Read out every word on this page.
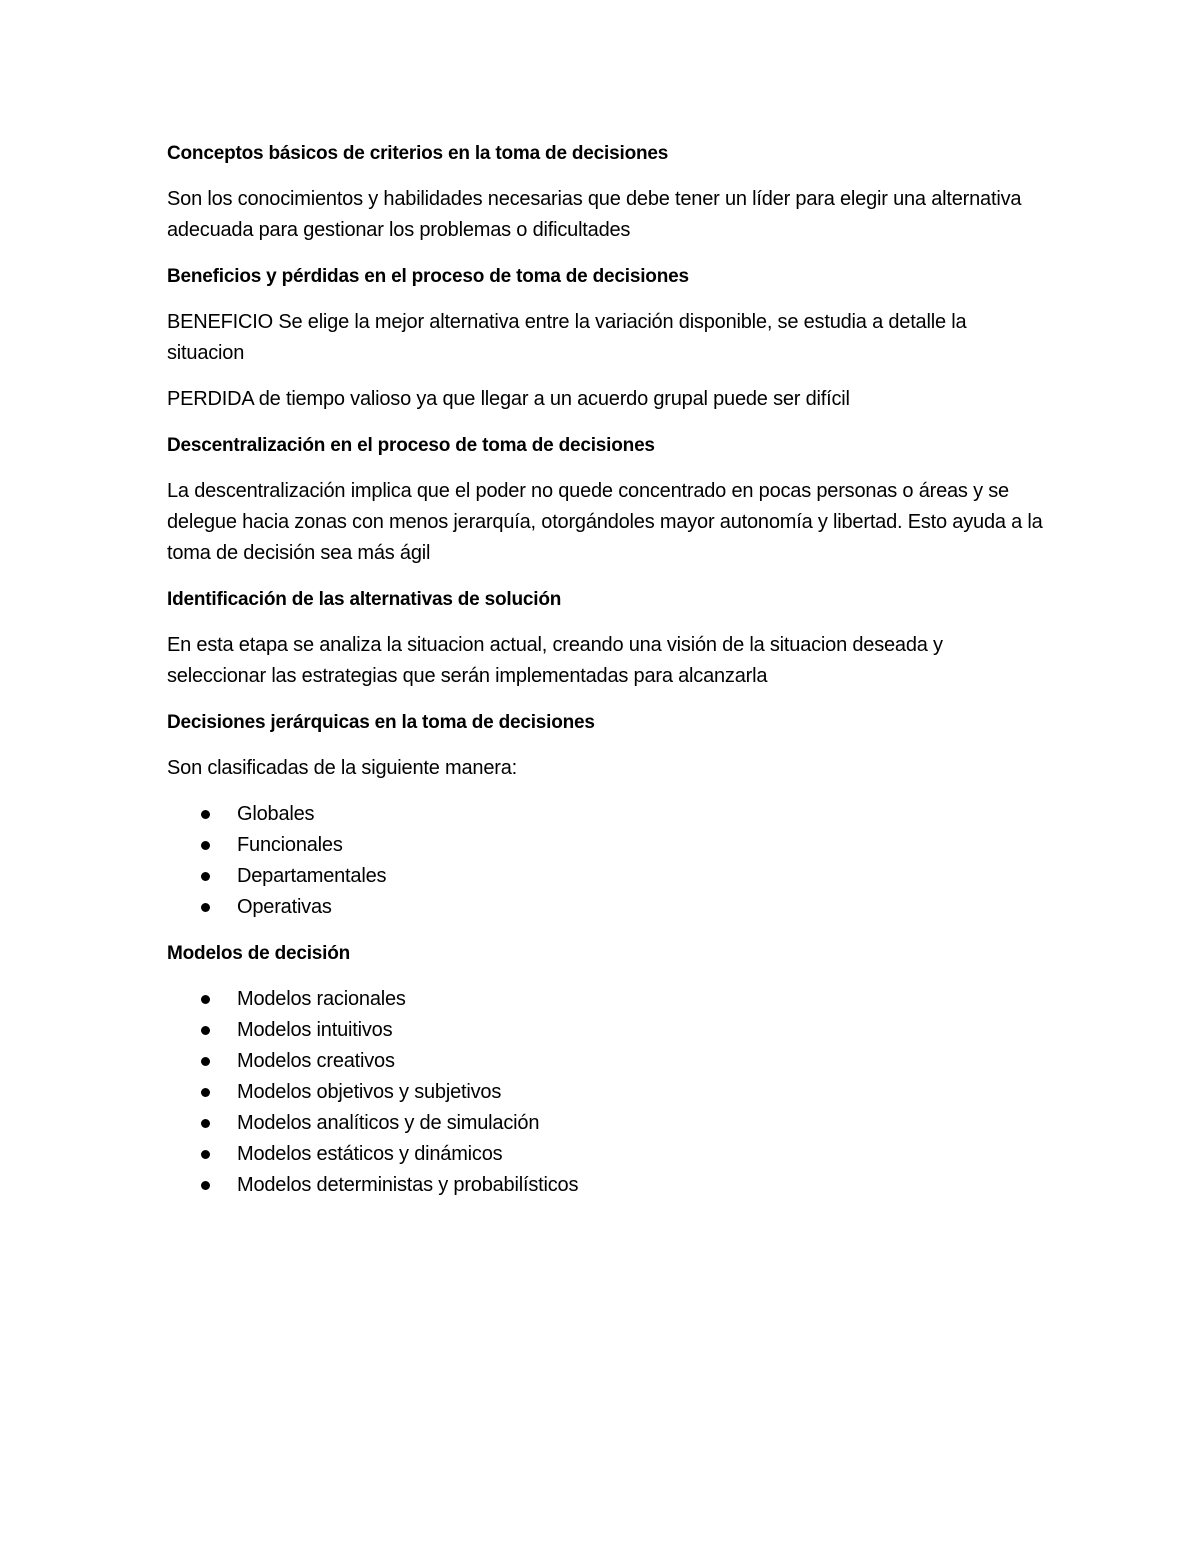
Conceptos básicos de criterios en la toma de decisiones
Son los conocimientos y habilidades necesarias que debe tener un líder para elegir una alternativa adecuada para gestionar los problemas o dificultades
Beneficios y pérdidas en el proceso de toma de decisiones
BENEFICIO Se elige la mejor alternativa entre la variación disponible, se estudia a detalle la situacion
PERDIDA de tiempo valioso ya que llegar a un acuerdo grupal puede ser difícil
Descentralización en el proceso de toma de decisiones
La descentralización implica que el poder no quede concentrado en pocas personas o áreas y se delegue hacia zonas con menos jerarquía, otorgándoles mayor autonomía y libertad. Esto ayuda a la toma de decisión sea más ágil
Identificación de las alternativas de solución
En esta etapa se analiza la situacion actual, creando una visión de la situacion deseada y seleccionar las estrategias que serán implementadas para alcanzarla
Decisiones jerárquicas en la toma de decisiones
Son clasificadas de la siguiente manera:
Globales
Funcionales
Departamentales
Operativas
Modelos de decisión
Modelos racionales
Modelos intuitivos
Modelos creativos
Modelos objetivos y subjetivos
Modelos analíticos y de simulación
Modelos estáticos y dinámicos
Modelos deterministas y probabilísticos
